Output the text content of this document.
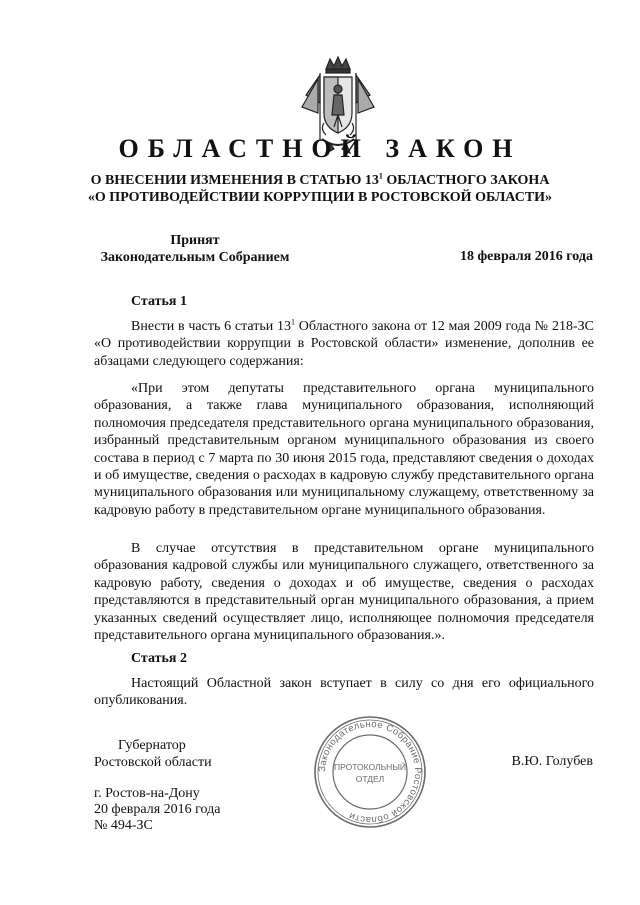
ОБЛАСТНОЙ ЗАКОН

О ВНЕСЕНИИ ИЗМЕНЕНИЯ В СТАТЬЮ $13^1$ ОБЛАСТНОГО ЗАКОНА

«О ПРОТИВОДЕЙСТВИИ КОРРУПЦИИ В РОСТОВСКОЙ ОБЛАСТИ»

Принят
Законодательным Собранием	18 февраля 2016 года
Статья 1

Внести в часть 6 статьи $13^1$ Областного закона от 12 мая 2009 года № 218-ЗС «О противодействии коррупции в Ростовской области» изменение, дополнив ее абзацами следующего содержания:

«При этом депутаты представительного органа муниципального образования, а также глава муниципального образования, исполняющий полномочия председателя представительного органа муниципального образования, избранный представительным органом муниципального образования из своего состава в период с 7 марта по 30 июня 2015 года, представляют сведения о доходах и об имуществе, сведения о расходах в кадровую службу представительного органа муниципального образования или муниципальному служащему, ответственному за кадровую работу в представительном органе муниципального образования.

В случае отсутствия в представительном органе муниципального образования кадровой службы или муниципального служащего, ответственного за кадровую работу, сведения о доходах и об имуществе, сведения о расходах представляются в представительный орган муниципального образования, а прием указанных сведений осуществляет лицо, исполняющее полномочия председателя представительного органа муниципального образования.».

Статья 2

Настоящий Областной закон вступает в силу со дня его официального опубликования.

Губернатор
Ростовской области	В.Ю. Голубев
г. Ростов-на-Дону
20 февраля 2016 года
№ 494-ЗС
Законодательное Собрание Ростовской области
ПРОТОКОЛЬНЫЙ
ОТДЕЛ
